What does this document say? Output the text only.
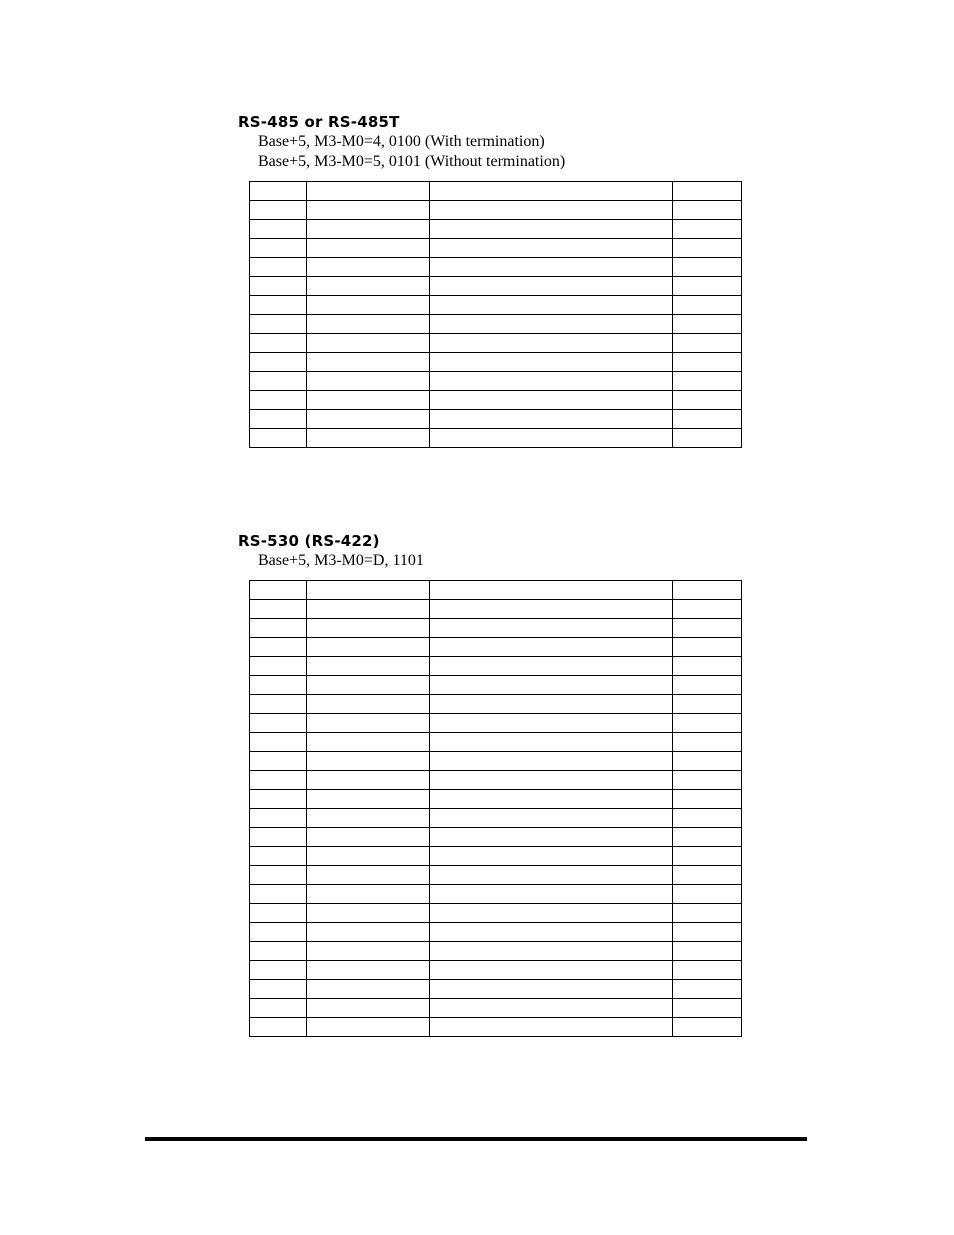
RS-485 or RS-485T

Base+5, M3-M0=4, 0100 (With termination)

Base+5, M3-M0=5, 0101 (Without termination)

RS-530 (RS-422)

Base+5, M3-M0=D, 1101
